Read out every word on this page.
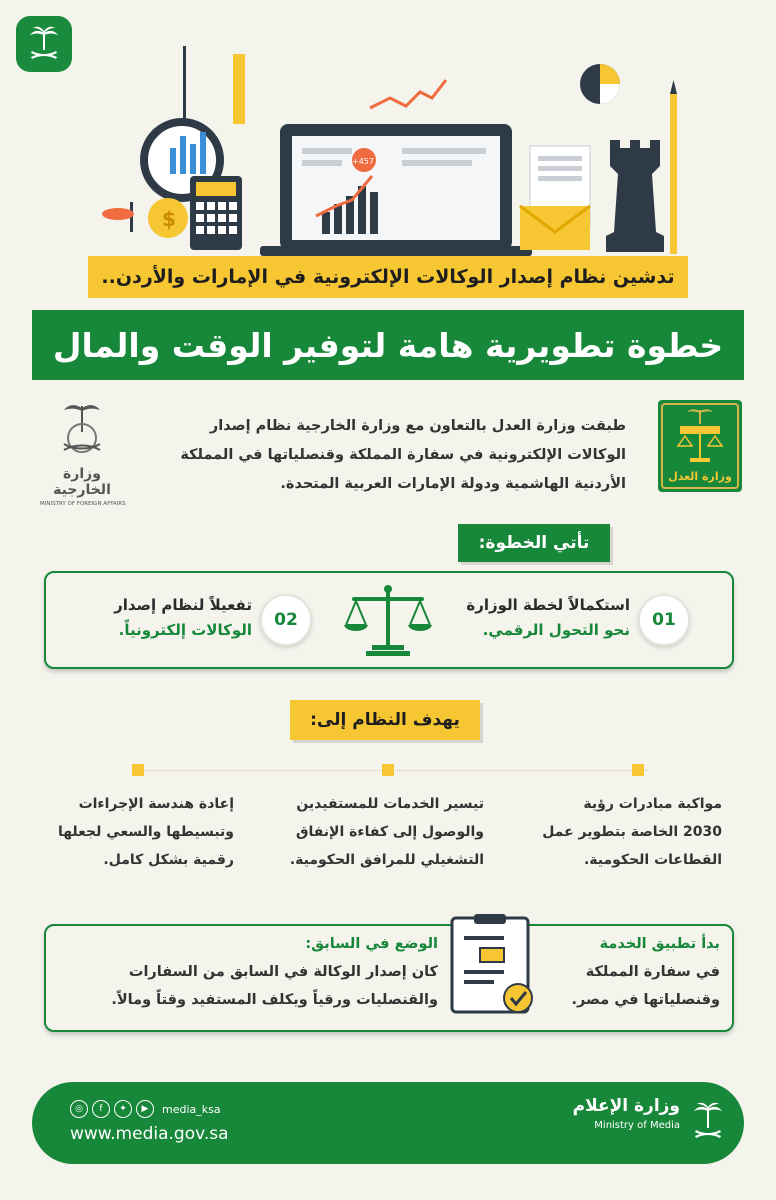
$
+457
تدشين نظام إصدار الوكالات الإلكترونية في الإمارات والأردن..
خطوة تطويرية هامة لتوفير الوقت والمال
طبقت وزارة العدل بالتعاون مع وزارة الخارجية نظام إصدار
الوكالات الإلكترونية في سفارة المملكة وقنصلياتها في المملكة
الأردنية الهاشمية ودولة الإمارات العربية المتحدة.
وزارة الخارجية
MINISTRY OF FOREIGN AFFAIRS
وزارة العدل
تأتي الخطوة:
01
استكمالاً لخطة الوزارة
نحو التحول الرقمي.
02
تفعيلاً لنظام إصدار
الوكالات إلكترونياً.
يهدف النظام إلى:
مواكبة مبادرات رؤية
2030 الخاصة بتطوير عمل
القطاعات الحكومية.
تيسير الخدمات للمستفيدين
والوصول إلى كفاءة الإنفاق
التشغيلي للمرافق الحكومية.
إعادة هندسة الإجراءات
وتبسيطها والسعي لجعلها
رقمية بشكل كامل.
بدأ تطبيق الخدمة
في سفارة المملكة
وقنصلياتها في مصر.
الوضع في السابق:
كان إصدار الوكالة في السابق من السفارات
والقنصليات ورقياً ويكلف المستفيد وقتاً ومالاً.
◎	f	✦	▶	media_ksa
www.media.gov.sa
وزارة الإعلام
Ministry of Media
